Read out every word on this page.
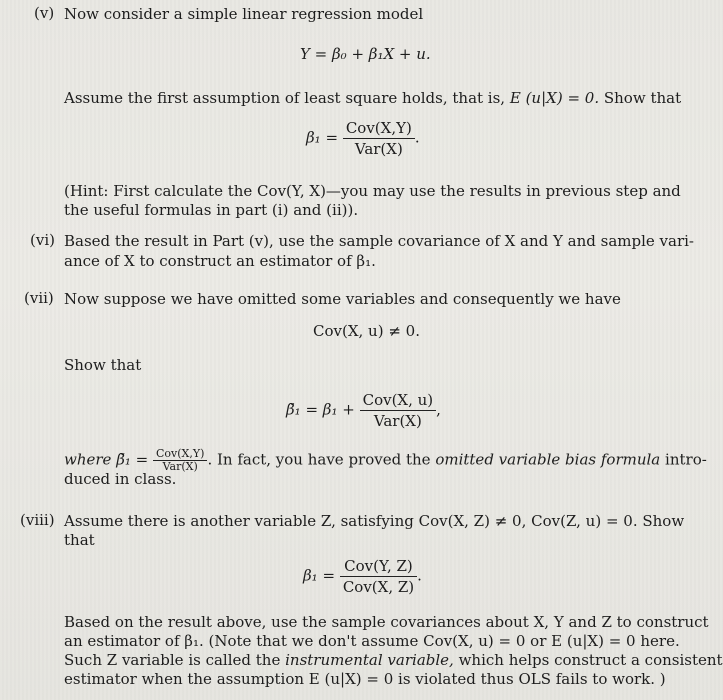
(v) Now consider a simple linear regression model
Y = β₀ + β₁X + u.
Assume the first assumption of least square holds, that is, E (u|X) = 0. Show that
$\beta_1 = \frac{\text{Cov(X,Y)}}{\text{Var(X)}}$ .
(Hint: First calculate the Cov(Y, X)—you may use the results in previous step and
the useful formulas in part (i) and (ii)).
(vi) Based the result in Part (v), use the sample covariance of X and Y and sample vari-
ance of X to construct an estimator of β₁.
(vii) Now suppose we have omitted some variables and consequently we have
Cov(X, u) ≠ 0.
Show that
β̃₁ = $\beta_1 + \frac{\text{Cov(X, u)}}{\text{Var(X)}}$ ,
where β̃₁ = $\frac{\text{Cov(X,Y)}}{\text{Var(X)}}$ . In fact, you have proved the omitted variable bias formula intro-
duced in class.
(viii) Assume there is another variable Z, satisfying Cov(X, Z) ≠ 0, Cov(Z, u) = 0. Show
that
$\beta_1 = \frac{\text{Cov(Y, Z)}}{\text{Cov(X, Z)}}$ .
Based on the result above, use the sample covariances about X, Y and Z to construct
an estimator of β₁. (Note that we don't assume Cov(X, u) = 0 or E (u|X) = 0 here.
Such Z variable is called the instrumental variable, which helps construct a consistent
estimator when the assumption E (u|X) = 0 is violated thus OLS fails to work. )
